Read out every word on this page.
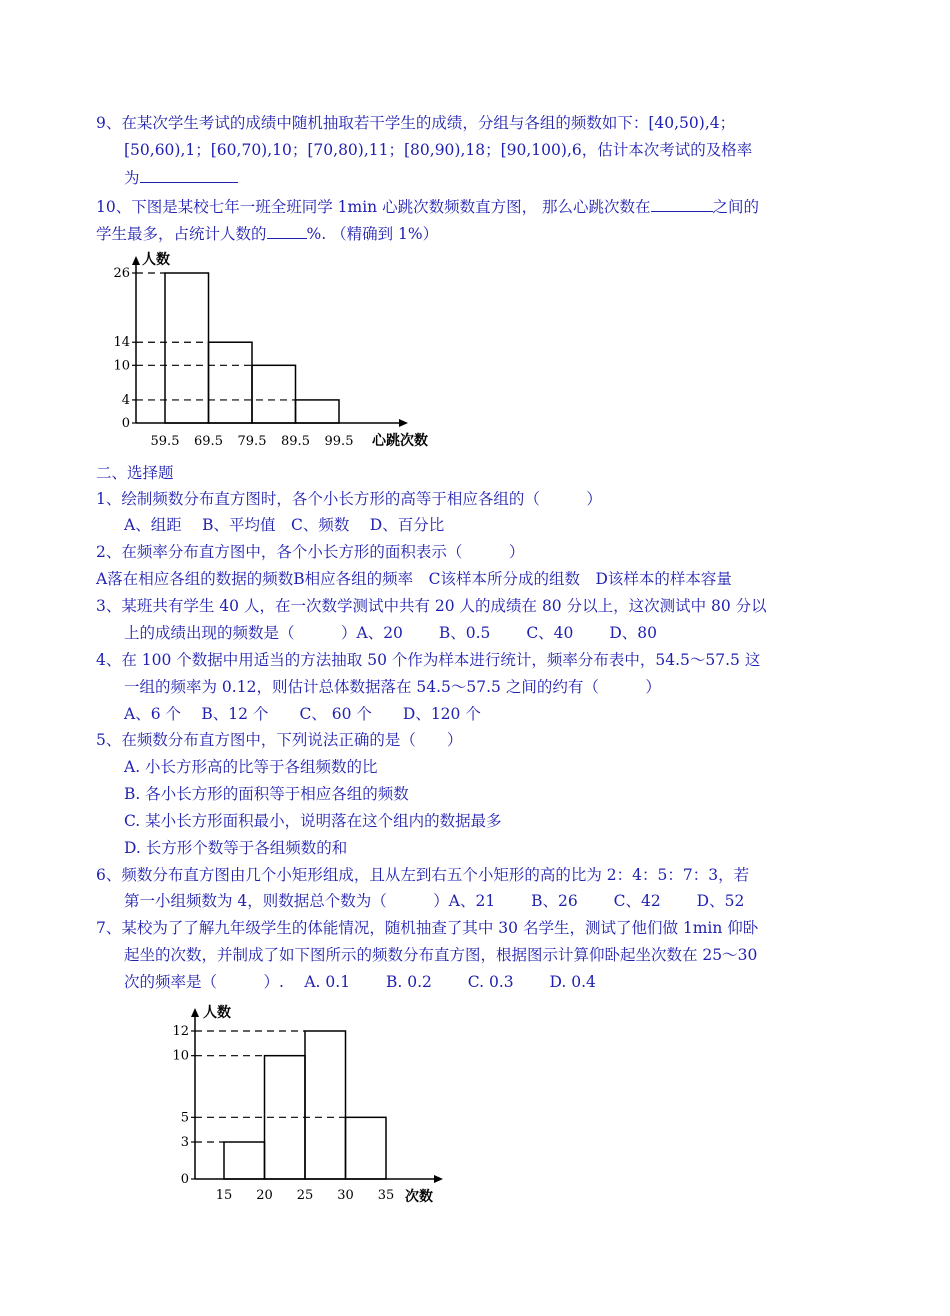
9、在某次学生考试的成绩中随机抽取若干学生的成绩，分组与各组的频数如下：[40,50),4；
[50,60),1；[60,70),10；[70,80),11；[80,90),18；[90,100),6，估计本次考试的及格率
为
10、下图是某校七年一班全班同学 1min 心跳次数频数直方图， 那么心跳次数在	之间的
学生最多，占统计人数的	%. （精确到 1%）
人数
0
4
10
14
26
59.5 69.5 79.5 89.5 99.5 心跳次数
二、选择题
1、绘制频数分布直方图时，各个小长方形的高等于相应各组的（　　　）
A、组距　 B、平均值　C、频数　 D、百分比
2、在频率分布直方图中，各个小长方形的面积表示（　　　）
A落在相应各组的数据的频数B相应各组的频率　C该样本所分成的组数　D该样本的样本容量
3、某班共有学生 40 人，在一次数学测试中共有 20 人的成绩在 80 分以上，这次测试中 80 分以
上的成绩出现的频数是（　　　）A、20　　 B、0.5　　 C、40　　 D、80
4、在 100 个数据中用适当的方法抽取 50 个作为样本进行统计，频率分布表中，54.5～57.5 这
一组的频率为 0.12，则估计总体数据落在 54.5～57.5 之间的约有（　　　）
A、6 个　 B、12 个　　C、 60 个　　D、120 个
5、在频数分布直方图中，下列说法正确的是（　　）
A. 小长方形高的比等于各组频数的比
B. 各小长方形的面积等于相应各组的频数
C. 某小长方形面积最小，说明落在这个组内的数据最多
D. 长方形个数等于各组频数的和
6、频数分布直方图由几个小矩形组成，且从左到右五个小矩形的高的比为 2：4：5：7：3，若
第一小组频数为 4，则数据总个数为（　　　）A、21　　 B、26　　 C、42　　 D、52
7、某校为了了解九年级学生的体能情况，随机抽查了其中 30 名学生，测试了他们做 1min 仰卧
起坐的次数，并制成了如下图所示的频数分布直方图，根据图示计算仰卧起坐次数在 25～30
次的频率是（　　　）.　 A. 0.1　　 B. 0.2　　 C. 0.3　　 D. 0.4
人数
0
3
5
10
12
15 20 25 30 35 次数
